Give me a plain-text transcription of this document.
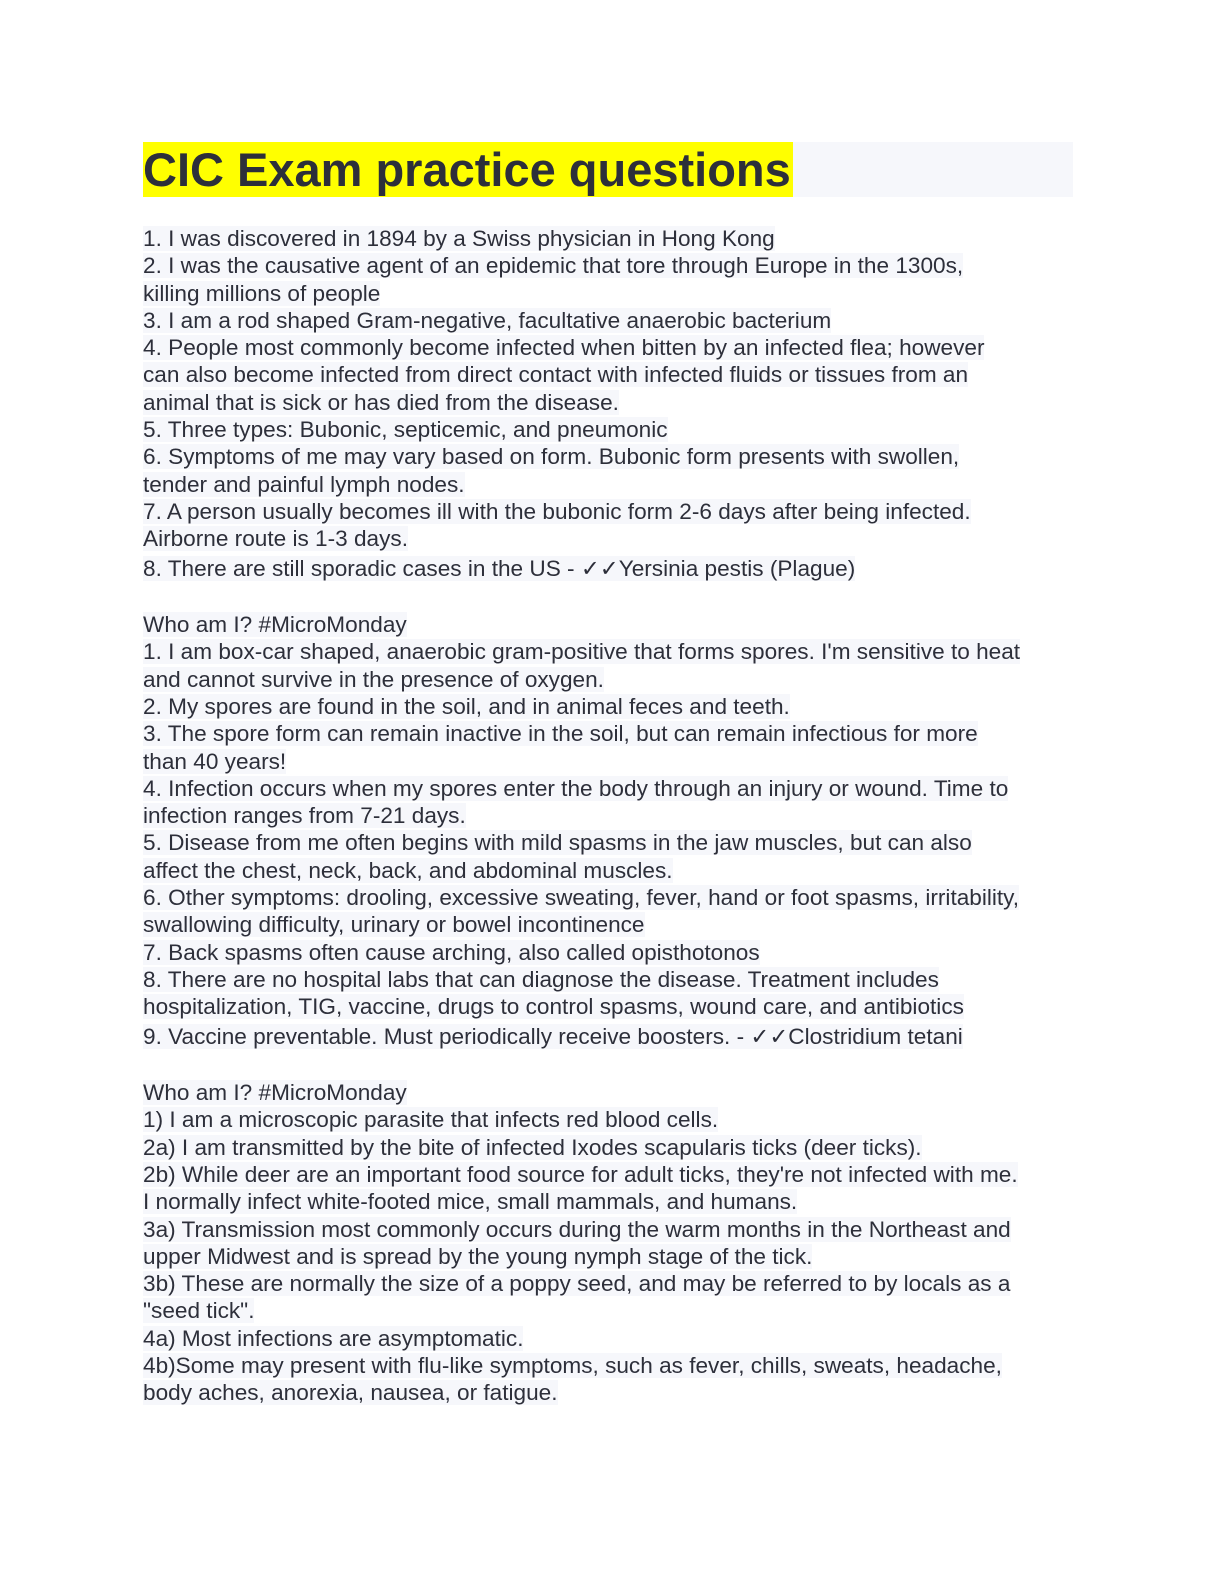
CIC Exam practice questions
1. I was discovered in 1894 by a Swiss physician in Hong Kong
2. I was the causative agent of an epidemic that tore through Europe in the 1300s,
killing millions of people
3. I am a rod shaped Gram-negative, facultative anaerobic bacterium
4. People most commonly become infected when bitten by an infected flea; however
can also become infected from direct contact with infected fluids or tissues from an
animal that is sick or has died from the disease.
5. Three types: Bubonic, septicemic, and pneumonic
6. Symptoms of me may vary based on form. Bubonic form presents with swollen,
tender and painful lymph nodes.
7. A person usually becomes ill with the bubonic form 2-6 days after being infected.
Airborne route is 1-3 days.
8. There are still sporadic cases in the US - ✓✓Yersinia pestis (Plague)
Who am I? #MicroMonday
1. I am box-car shaped, anaerobic gram-positive that forms spores. I'm sensitive to heat
and cannot survive in the presence of oxygen.
2. My spores are found in the soil, and in animal feces and teeth.
3. The spore form can remain inactive in the soil, but can remain infectious for more
than 40 years!
4. Infection occurs when my spores enter the body through an injury or wound. Time to
infection ranges from 7-21 days.
5. Disease from me often begins with mild spasms in the jaw muscles, but can also
affect the chest, neck, back, and abdominal muscles.
6. Other symptoms: drooling, excessive sweating, fever, hand or foot spasms, irritability,
swallowing difficulty, urinary or bowel incontinence
7. Back spasms often cause arching, also called opisthotonos
8. There are no hospital labs that can diagnose the disease. Treatment includes
hospitalization, TIG, vaccine, drugs to control spasms, wound care, and antibiotics
9. Vaccine preventable. Must periodically receive boosters. - ✓✓Clostridium tetani
Who am I? #MicroMonday
1) I am a microscopic parasite that infects red blood cells.
2a) I am transmitted by the bite of infected Ixodes scapularis ticks (deer ticks).
2b) While deer are an important food source for adult ticks, they're not infected with me.
I normally infect white-footed mice, small mammals, and humans.
3a) Transmission most commonly occurs during the warm months in the Northeast and
upper Midwest and is spread by the young nymph stage of the tick.
3b) These are normally the size of a poppy seed, and may be referred to by locals as a
"seed tick".
4a) Most infections are asymptomatic.
4b)Some may present with flu-like symptoms, such as fever, chills, sweats, headache,
body aches, anorexia, nausea, or fatigue.
